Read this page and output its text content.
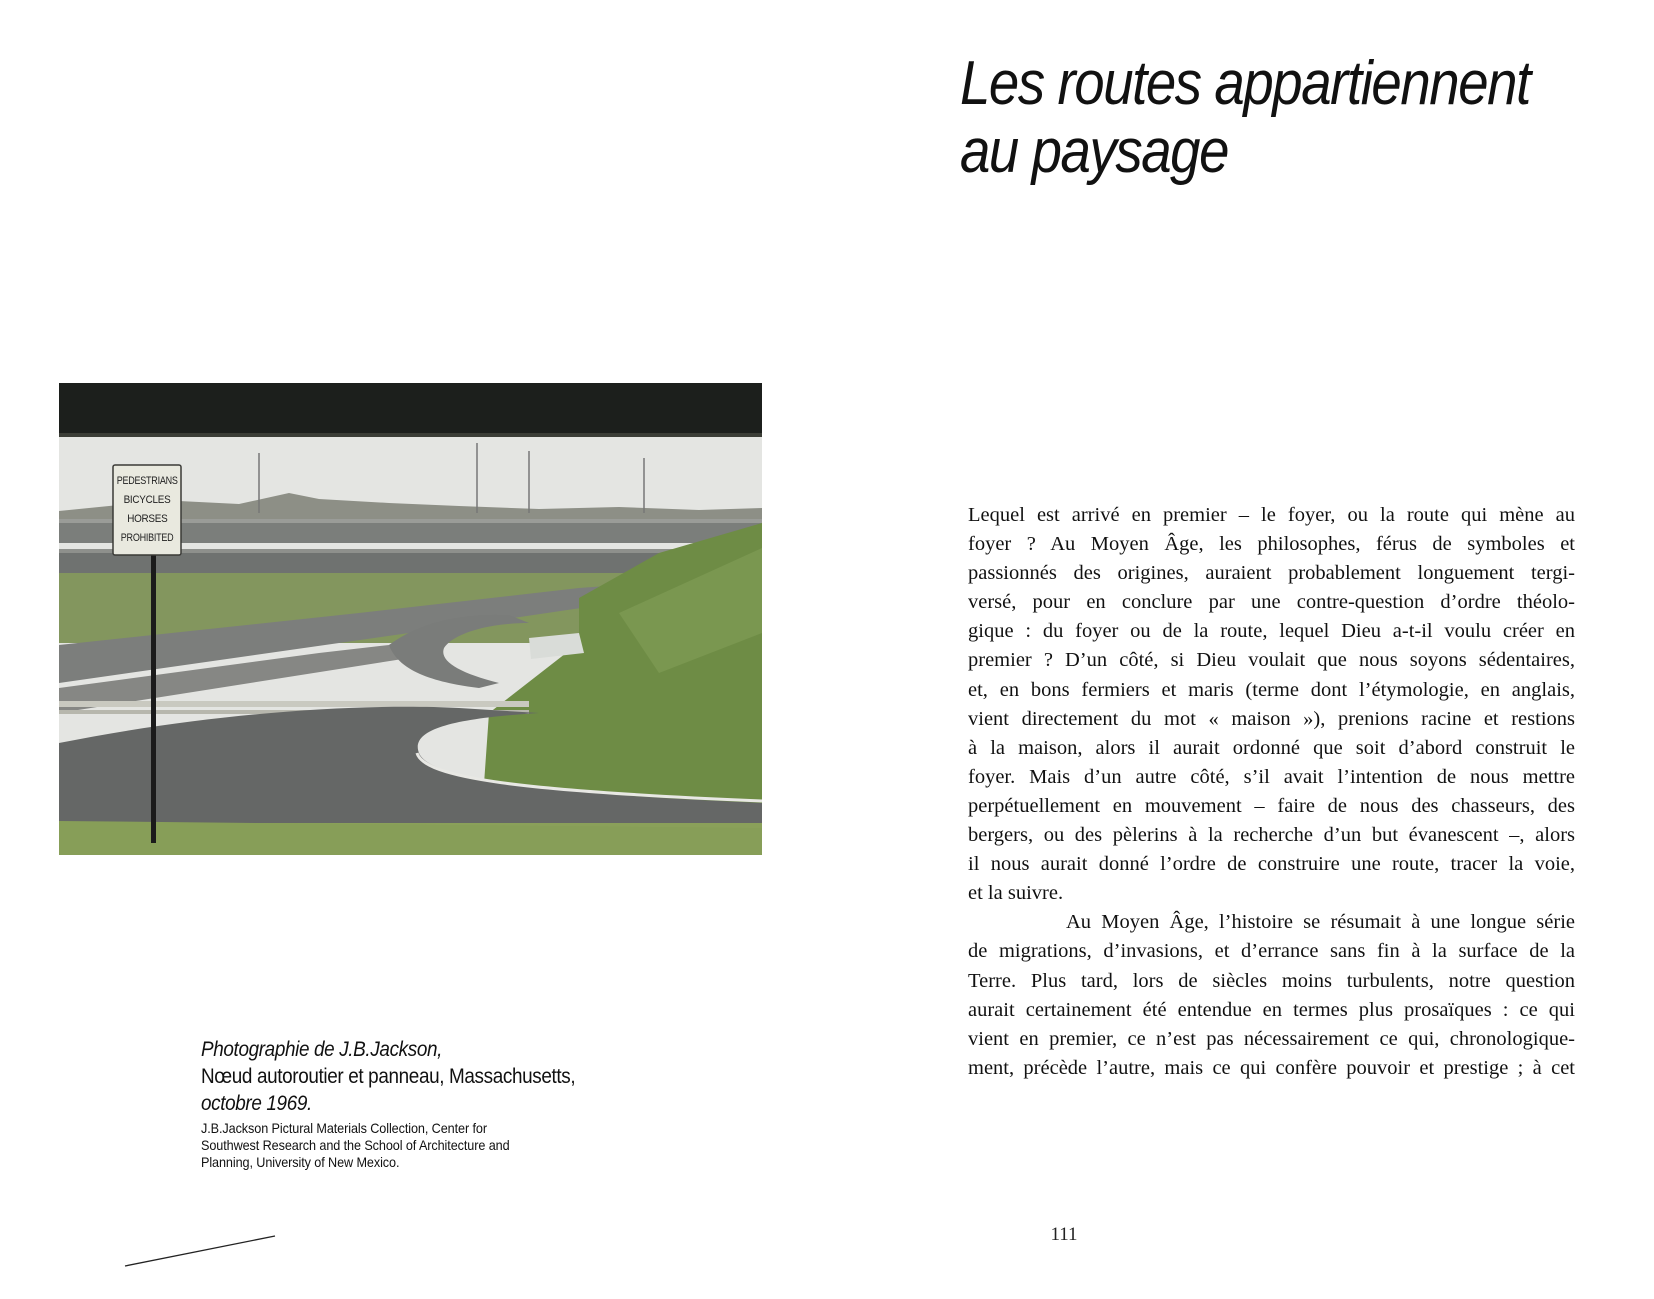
PEDESTRIANS
BICYCLES
HORSES
PROHIBITED
Photographie de J.B.Jackson,
Nœud autoroutier et panneau, Massachusetts,
octobre 1969.
J.B.Jackson Pictural Materials Collection, Center for
Southwest Research and the School of Architecture and
Planning, University of New Mexico.
Les routes appartiennent
au paysage
Lequel est arrivé en premier – le foyer, ou la route qui mène au
foyer ? Au Moyen Âge, les philosophes, férus de symboles et
passionnés des origines, auraient probablement longuement tergi-
versé, pour en conclure par une contre-question d’ordre théolo-
gique : du foyer ou de la route, lequel Dieu a-t-il voulu créer en
premier ? D’un côté, si Dieu voulait que nous soyons sédentaires,
et, en bons fermiers et maris (terme dont l’étymologie, en anglais,
vient directement du mot « maison »), prenions racine et restions
à la maison, alors il aurait ordonné que soit d’abord construit le
foyer. Mais d’un autre côté, s’il avait l’intention de nous mettre
perpétuellement en mouvement – faire de nous des chasseurs, des
bergers, ou des pèlerins à la recherche d’un but évanescent –, alors
il nous aurait donné l’ordre de construire une route, tracer la voie,
et la suivre.
Au Moyen Âge, l’histoire se résumait à une longue série
de migrations, d’invasions, et d’errance sans fin à la surface de la
Terre. Plus tard, lors de siècles moins turbulents, notre question
aurait certainement été entendue en termes plus prosaïques : ce qui
vient en premier, ce n’est pas nécessairement ce qui, chronologique-
ment, précède l’autre, mais ce qui confère pouvoir et prestige ; à cet
111
